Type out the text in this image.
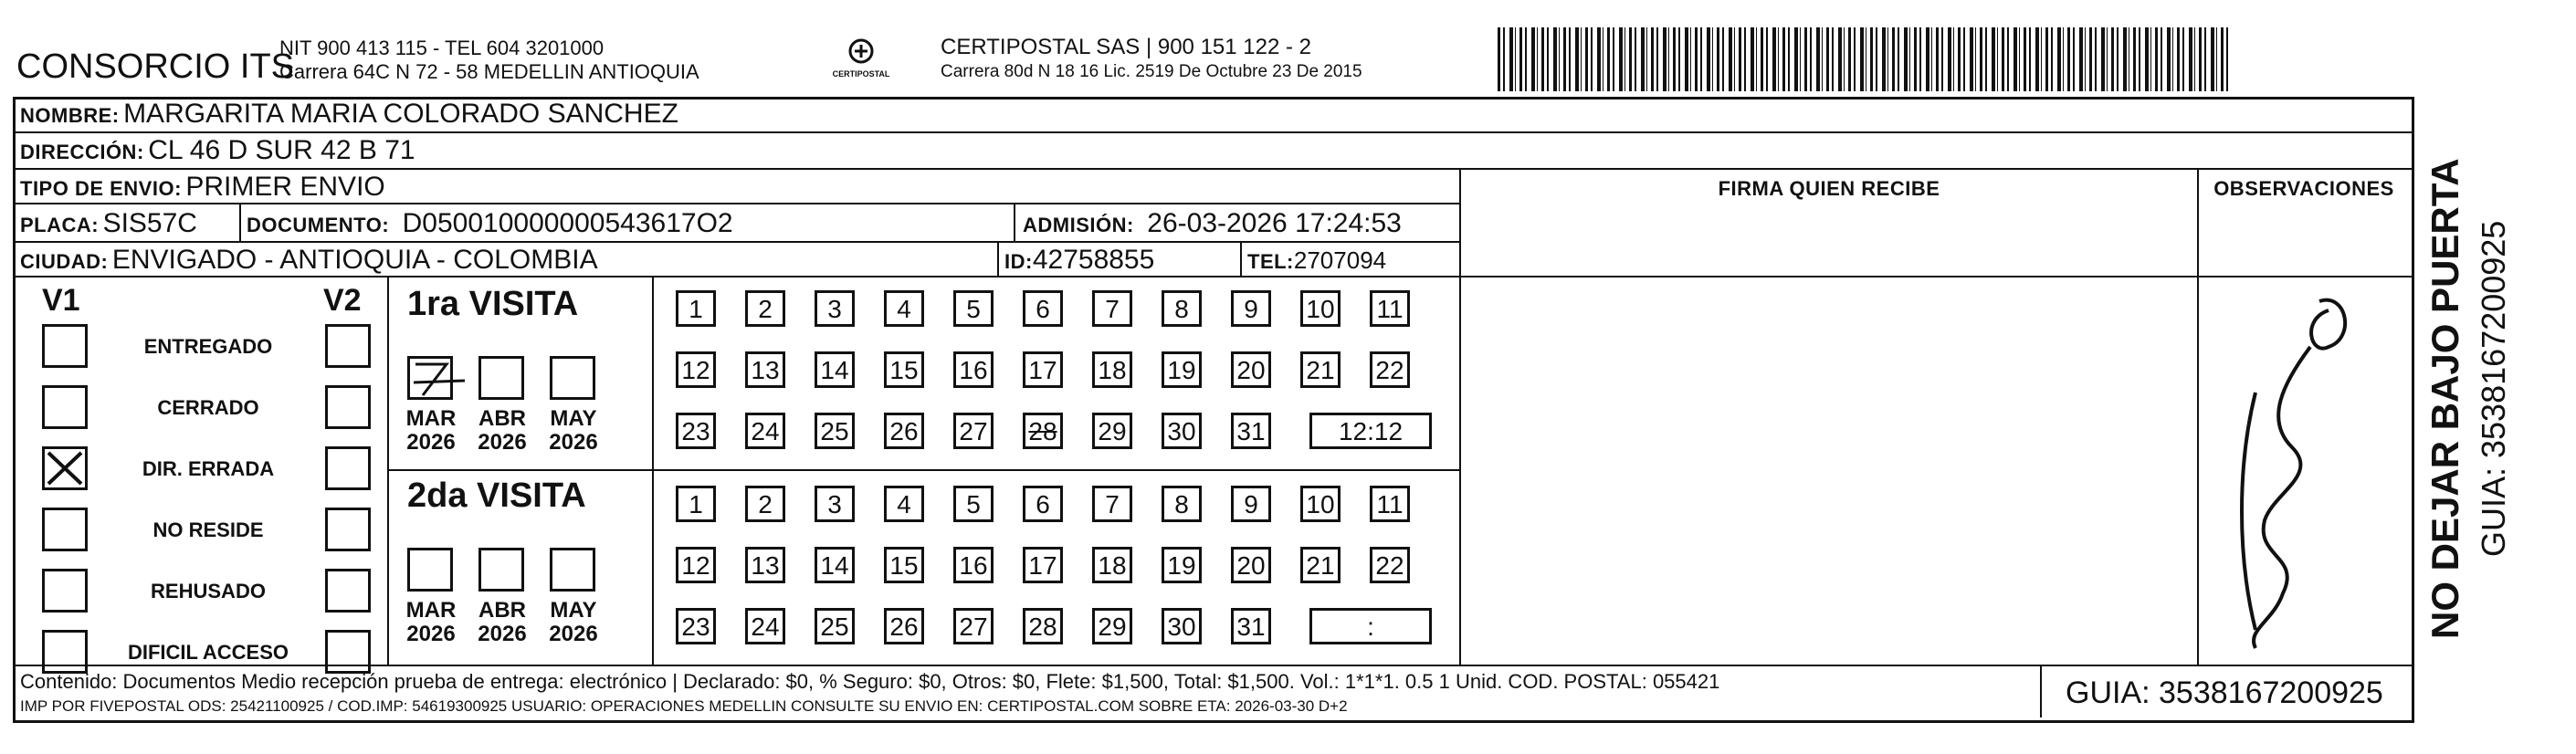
CONSORCIO ITS
NIT 900 413 115 - TEL 604 3201000
Carrera 64C N 72 - 58 MEDELLIN ANTIOQUIA	CERTIPOSTAL
CERTIPOSTAL SAS | 900 151 122 - 2
Carrera 80d N 18 16 Lic. 2519 De Octubre 23 De 2015
NOMBRE: MARGARITA MARIA COLORADO SANCHEZ
DIRECCIÓN: CL 46 D SUR 42 B 71
TIPO DE ENVIO: PRIMER ENVIO
PLACA: SIS57C DOCUMENTO: D050010000000543617O2	ADMISIÓN: 26-03-2026 17:24:53
CIUDAD: ENVIGADO - ANTIOQUIA - COLOMBIA	ID:42758855	TEL:2707094
FIRMA QUIEN RECIBE	OBSERVACIONES
V1	V2
ENTREGADO
CERRADO
DIR. ERRADA
NO RESIDE
REHUSADO
DIFICIL ACCESO
1ra VISITA
2da VISITA
MAR
2026
ABR
2026
MAY
2026
MAR
2026
ABR
2026
MAY
2026
1	2	3	4	5	6	7	8	9	10 11
12 13 14 15 16 17 18 19 20 21 22
23 24 25 26 27 28 29 30 31	12:12
1	2	3	4	5	6	7	8	9	10 11
12 13 14 15 16 17 18 19 20 21 22
23 24 25 26 27 28 29 30 31	:
Contenido: Documentos Medio recepción prueba de entrega: electrónico | Declarado: $0, % Seguro: $0, Otros: $0, Flete: $1,500, Total: $1,500. Vol.: 1*1*1. 0.5 1 Unid. COD. POSTAL: 055421
IMP POR FIVEPOSTAL ODS: 25421100925 / COD.IMP: 54619300925 USUARIO: OPERACIONES MEDELLIN CONSULTE SU ENVIO EN: CERTIPOSTAL.COM SOBRE ETA: 2026-03-30 D+2	GUIA: 3538167200925
NO DEJAR BAJO PUERTA GUIA: 3538167200925
